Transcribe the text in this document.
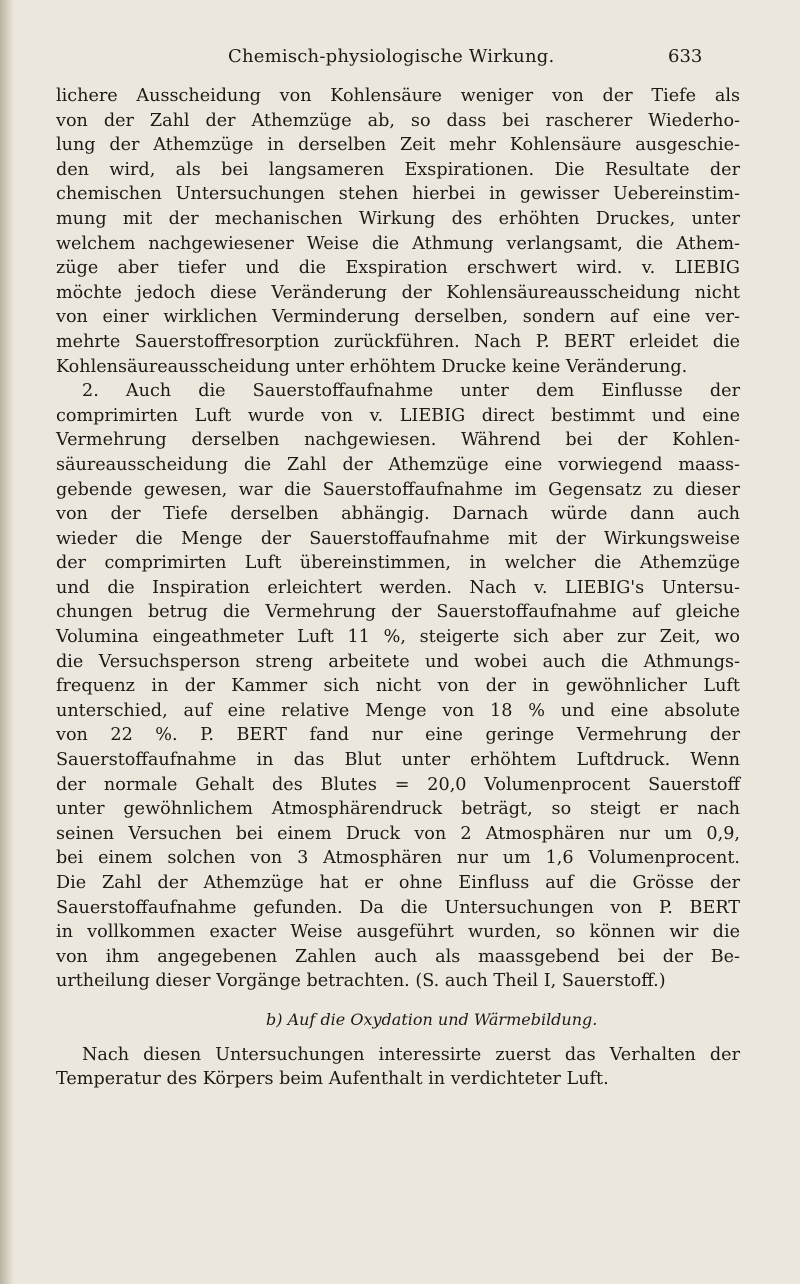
Chemisch-physiologische Wirkung.	633
lichere Ausscheidung von Kohlensäure weniger von der Tiefe als
von der Zahl der Athemzüge ab, so dass bei rascherer Wiederho-
lung der Athemzüge in derselben Zeit mehr Kohlensäure ausgeschie-
den wird, als bei langsameren Exspirationen. Die Resultate der
chemischen Untersuchungen stehen hierbei in gewisser Uebereinstim-
mung mit der mechanischen Wirkung des erhöhten Druckes, unter
welchem nachgewiesener Weise die Athmung verlangsamt, die Athem-
züge aber tiefer und die Exspiration erschwert wird. v. LIEBIG
möchte jedoch diese Veränderung der Kohlensäureausscheidung nicht
von einer wirklichen Verminderung derselben, sondern auf eine ver-
mehrte Sauerstoffresorption zurückführen. Nach P. BERT erleidet die
Kohlensäureausscheidung unter erhöhtem Drucke keine Veränderung.
2. Auch die Sauerstoffaufnahme unter dem Einflusse der
comprimirten Luft wurde von v. LIEBIG direct bestimmt und eine
Vermehrung derselben nachgewiesen. Während bei der Kohlen-
säureausscheidung die Zahl der Athemzüge eine vorwiegend maass-
gebende gewesen, war die Sauerstoffaufnahme im Gegensatz zu dieser
von der Tiefe derselben abhängig. Darnach würde dann auch
wieder die Menge der Sauerstoffaufnahme mit der Wirkungsweise
der comprimirten Luft übereinstimmen, in welcher die Athemzüge
und die Inspiration erleichtert werden. Nach v. LIEBIG's Untersu-
chungen betrug die Vermehrung der Sauerstoffaufnahme auf gleiche
Volumina eingeathmeter Luft 11 %, steigerte sich aber zur Zeit, wo
die Versuchsperson streng arbeitete und wobei auch die Athmungs-
frequenz in der Kammer sich nicht von der in gewöhnlicher Luft
unterschied, auf eine relative Menge von 18 % und eine absolute
von 22 %. P. BERT fand nur eine geringe Vermehrung der
Sauerstoffaufnahme in das Blut unter erhöhtem Luftdruck. Wenn
der normale Gehalt des Blutes = 20,0 Volumenprocent Sauerstoff
unter gewöhnlichem Atmosphärendruck beträgt, so steigt er nach
seinen Versuchen bei einem Druck von 2 Atmosphären nur um 0,9,
bei einem solchen von 3 Atmosphären nur um 1,6 Volumenprocent.
Die Zahl der Athemzüge hat er ohne Einfluss auf die Grösse der
Sauerstoffaufnahme gefunden. Da die Untersuchungen von P. BERT
in vollkommen exacter Weise ausgeführt wurden, so können wir die
von ihm angegebenen Zahlen auch als maassgebend bei der Be-
urtheilung dieser Vorgänge betrachten. (S. auch Theil I, Sauerstoff.)
b) Auf die Oxydation und Wärmebildung.
Nach diesen Untersuchungen interessirte zuerst das Verhalten der
Temperatur des Körpers beim Aufenthalt in verdichteter Luft.
